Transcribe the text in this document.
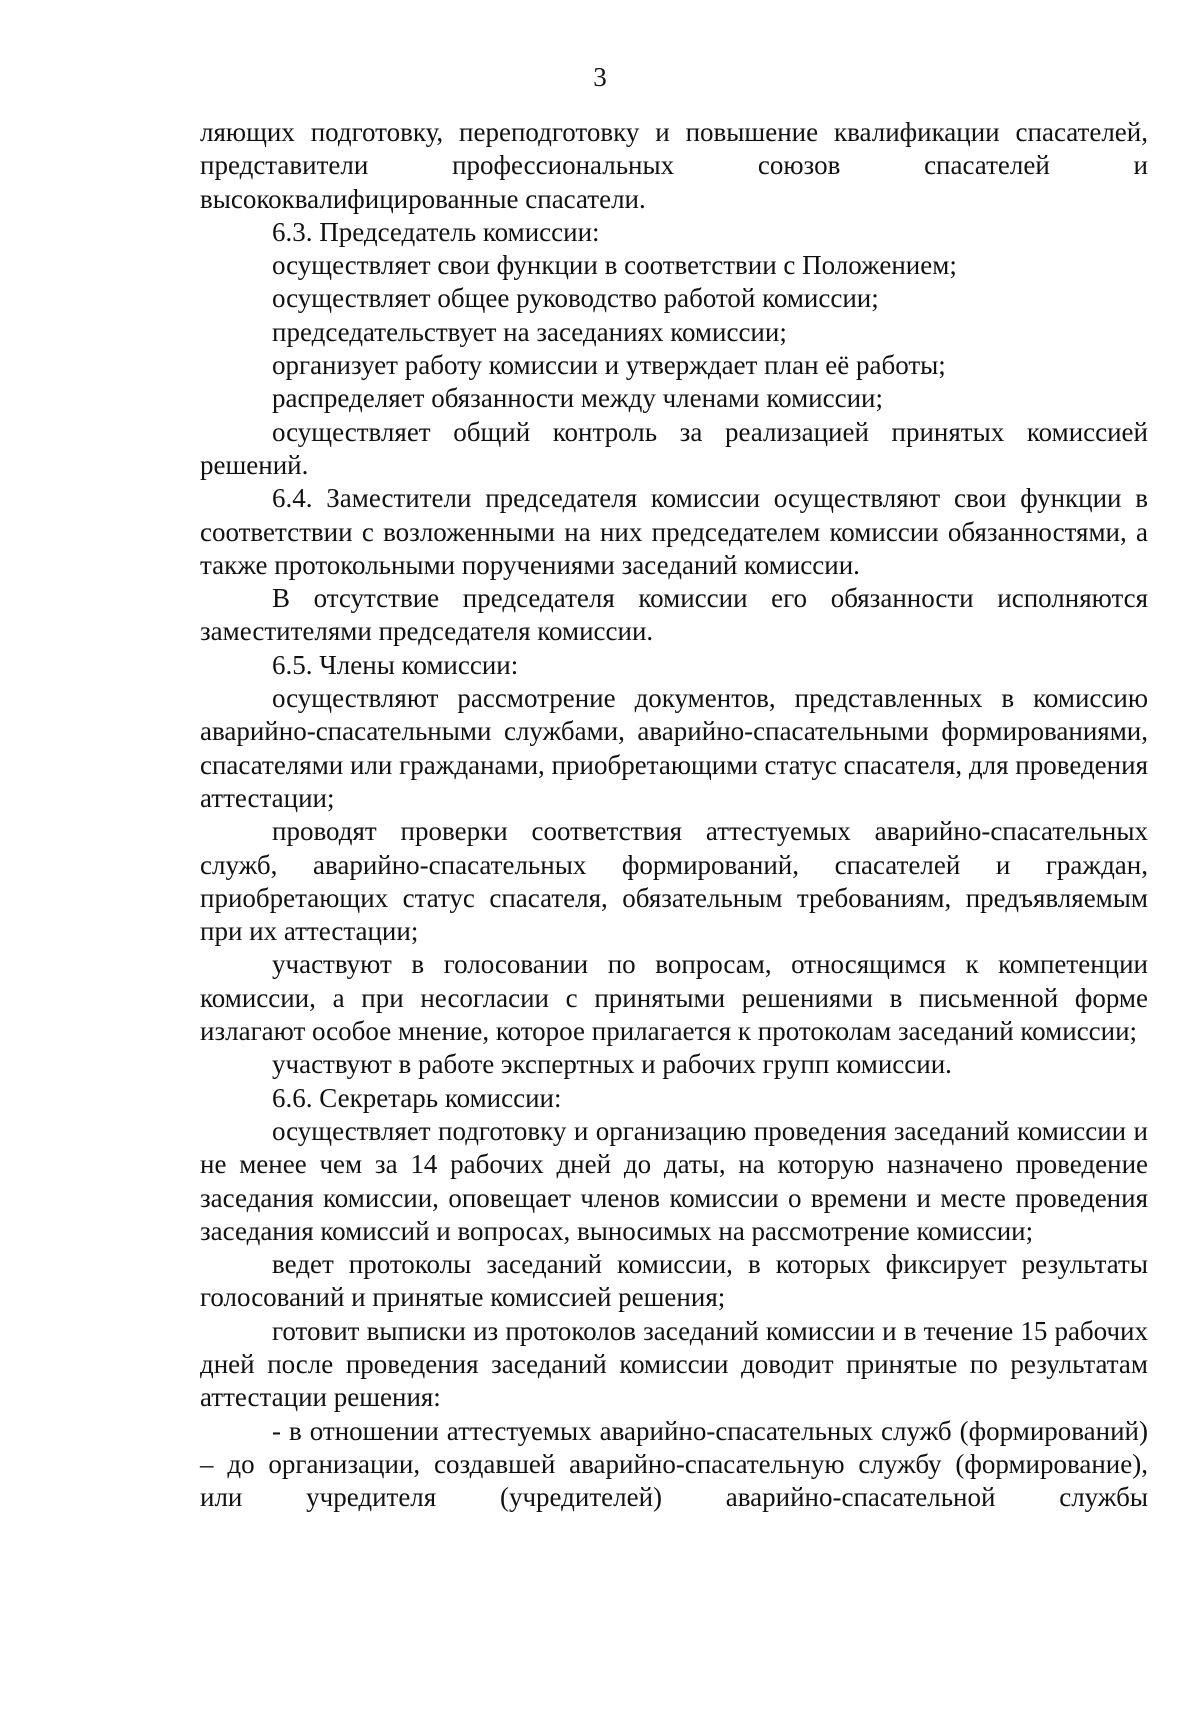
3

ляющих подготовку, переподготовку и повышение квалификации спасателей, представители профессиональных союзов спасателей и высококвалифицированные спасатели.

6.3. Председатель комиссии:

осуществляет свои функции в соответствии с Положением;

осуществляет общее руководство работой комиссии;

председательствует на заседаниях комиссии;

организует работу комиссии и утверждает план её работы;

распределяет обязанности между членами комиссии;

осуществляет общий контроль за реализацией принятых комиссией решений.

6.4. Заместители председателя комиссии осуществляют свои функции в соответствии с возложенными на них председателем комиссии обязанностями, а также протокольными поручениями заседаний комиссии.

В отсутствие председателя комиссии его обязанности исполняются заместителями председателя комиссии.

6.5. Члены комиссии:

осуществляют рассмотрение документов, представленных в комиссию аварийно-спасательными службами, аварийно-спасательными формированиями, спасателями или гражданами, приобретающими статус спасателя, для проведения аттестации;

проводят проверки соответствия аттестуемых аварийно-спасательных служб, аварийно-спасательных формирований, спасателей и граждан, приобретающих статус спасателя, обязательным требованиям, предъявляемым при их аттестации;

участвуют в голосовании по вопросам, относящимся к компетенции комиссии, а при несогласии с принятыми решениями в письменной форме излагают особое мнение, которое прилагается к протоколам заседаний комиссии;

участвуют в работе экспертных и рабочих групп комиссии.

6.6. Секретарь комиссии:

осуществляет подготовку и организацию проведения заседаний комиссии и не менее чем за 14 рабочих дней до даты, на которую назначено проведение заседания комиссии, оповещает членов комиссии о времени и месте проведения заседания комиссий и вопросах, выносимых на рассмотрение комиссии;

ведет протоколы заседаний комиссии, в которых фиксирует результаты голосований и принятые комиссией решения;

готовит выписки из протоколов заседаний комиссии и в течение 15 рабочих дней после проведения заседаний комиссии доводит принятые по результатам аттестации решения:

- в отношении аттестуемых аварийно-спасательных служб (формирований) – до организации, создавшей аварийно-спасательную службу (формирование), или учредителя (учредителей) аварийно-спасательной службы
